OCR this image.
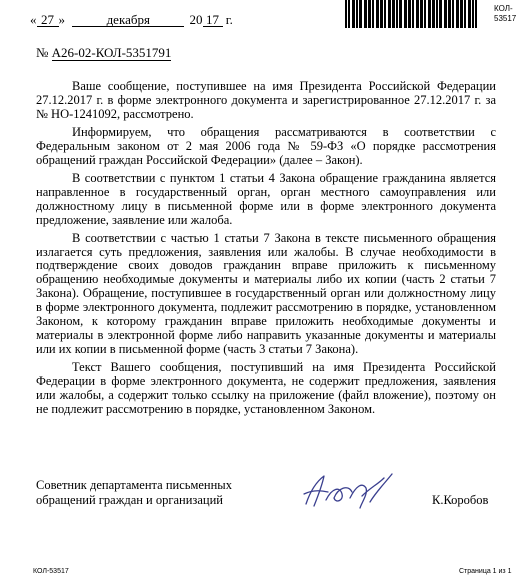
« 27 »	декабря	20 17 г.
КОЛ-
53517
№ А26-02-КОЛ-5351791

Ваше сообщение, поступившее на имя Президента Российской Федерации 27.12.2017 г. в форме электронного документа и зарегистрированное 27.12.2017 г. за № НО-1241092, рассмотрено.

Информируем, что обращения рассматриваются в соответствии с Федеральным законом от 2 мая 2006 года № 59-ФЗ «О порядке рассмотрения обращений граждан Российской Федерации» (далее – Закон).

В соответствии с пунктом 1 статьи 4 Закона обращение гражданина является направленное в государственный орган, орган местного самоуправления или должностному лицу в письменной форме или в форме электронного документа предложение, заявление или жалоба.

В соответствии с частью 1 статьи 7 Закона в тексте письменного обращения излагается суть предложения, заявления или жалобы. В случае необходимости в подтверждение своих доводов гражданин вправе приложить к письменному обращению необходимые документы и материалы либо их копии (часть 2 статьи 7 Закона). Обращение, поступившее в государственный орган или должностному лицу в форме электронного документа, подлежит рассмотрению в порядке, установленном Законом, к которому гражданин вправе приложить необходимые документы и материалы в электронной форме либо направить указанные документы и материалы или их копии в письменной форме (часть 3 статьи 7 Закона).

Текст Вашего сообщения, поступивший на имя Президента Российской Федерации в форме электронного документа, не содержит предложения, заявления или жалобы, а содержит только ссылку на приложение (файл вложение), поэтому он не подлежит рассмотрению в порядке, установленном Законом.

Советник департамента письменных
обращений граждан и организаций	К.Коробов
КОЛ-53517	Страница 1 из 1
